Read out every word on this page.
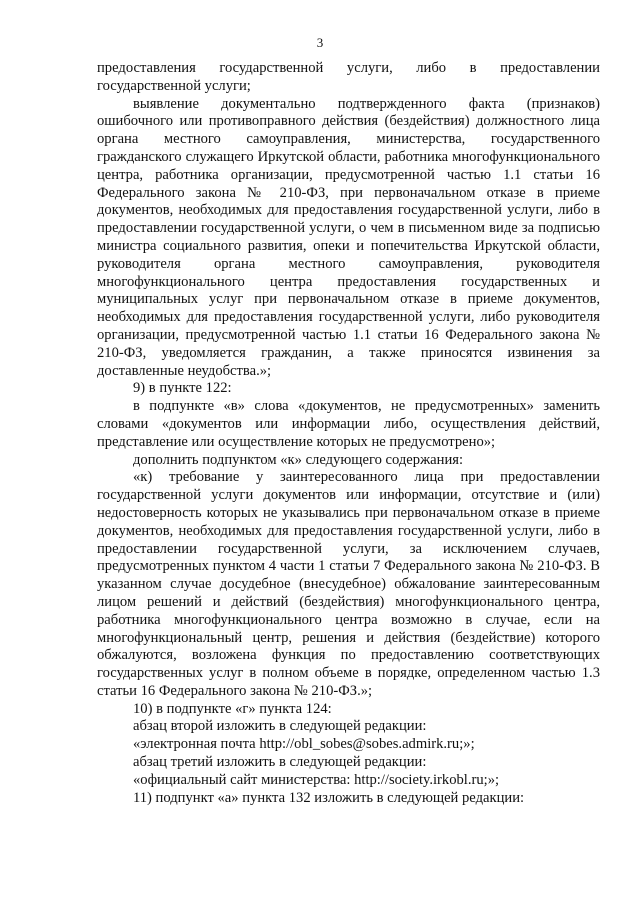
3

предоставления государственной услуги, либо в предоставлении государственной услуги;

выявление документально подтвержденного факта (признаков) ошибочного или противоправного действия (бездействия) должностного лица органа местного самоуправления, министерства, государственного гражданского служащего Иркутской области, работника многофункционального центра, работника организации, предусмотренной частью 1.1 статьи 16 Федерального закона № 210-ФЗ, при первоначальном отказе в приеме документов, необходимых для предоставления государственной услуги, либо в предоставлении государственной услуги, о чем в письменном виде за подписью министра социального развития, опеки и попечительства Иркутской области, руководителя органа местного самоуправления, руководителя многофункционального центра предоставления государственных и муниципальных услуг при первоначальном отказе в приеме документов, необходимых для предоставления государственной услуги, либо руководителя организации, предусмотренной частью 1.1 статьи 16 Федерального закона № 210-ФЗ, уведомляется гражданин, а также приносятся извинения за доставленные неудобства.»;

9) в пункте 122:

в подпункте «в» слова «документов, не предусмотренных» заменить словами «документов или информации либо, осуществления действий, представление или осуществление которых не предусмотрено»;

дополнить подпунктом «к» следующего содержания:

«к) требование у заинтересованного лица при предоставлении государственной услуги документов или информации, отсутствие и (или) недостоверность которых не указывались при первоначальном отказе в приеме документов, необходимых для предоставления государственной услуги, либо в предоставлении государственной услуги, за исключением случаев, предусмотренных пунктом 4 части 1 статьи 7 Федерального закона № 210-ФЗ. В указанном случае досудебное (внесудебное) обжалование заинтересованным лицом решений и действий (бездействия) многофункционального центра, работника многофункционального центра возможно в случае, если на многофункциональный центр, решения и действия (бездействие) которого обжалуются, возложена функция по предоставлению соответствующих государственных услуг в полном объеме в порядке, определенном частью 1.3 статьи 16 Федерального закона № 210-ФЗ.»;

10) в подпункте «г» пункта 124:

абзац второй изложить в следующей редакции:

«электронная почта http://obl_sobes@sobes.admirk.ru;»;

абзац третий изложить в следующей редакции:

«официальный сайт министерства: http://society.irkobl.ru;»;

11) подпункт «а» пункта 132 изложить в следующей редакции:
